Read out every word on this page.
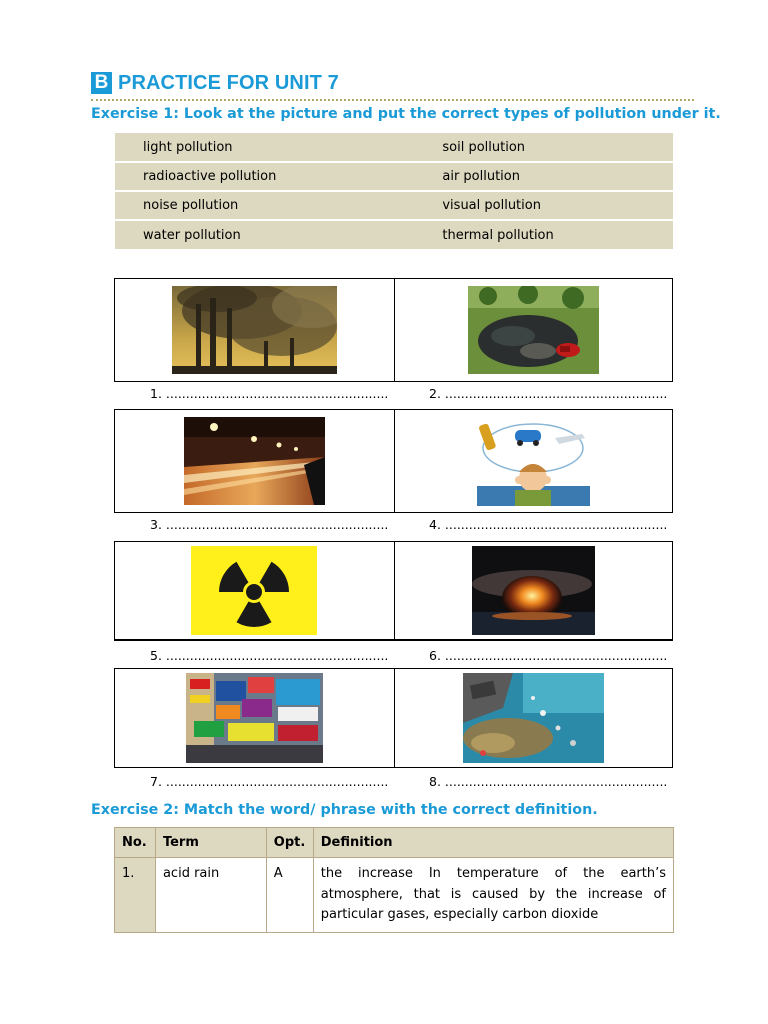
B PRACTICE FOR UNIT 7
Exercise 1: Look at the picture and put the correct types of pollution under it.
light pollution	soil pollution
radioactive pollution	air pollution
noise pollution	visual pollution
water pollution	thermal pollution
1. ........................................................	2. ........................................................
3. ........................................................	4. ........................................................
5. ........................................................	6. ........................................................
7. ........................................................	8. ........................................................
Exercise 2: Match the word/ phrase with the correct definition.
No.	Term	Opt.	Definition
1.	acid rain	A	the increase In temperature of the earth’s atmosphere, that is caused by the increase of particular gases, especially carbon dioxide
